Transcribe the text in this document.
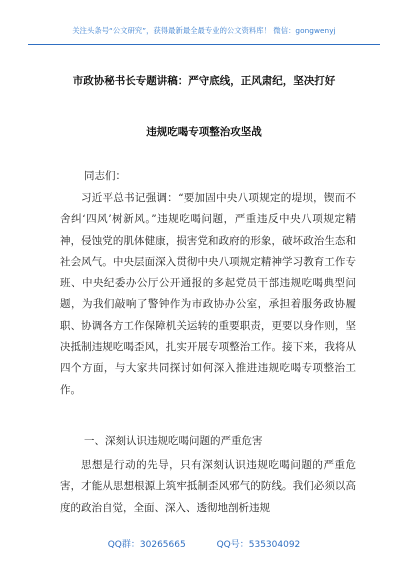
关注头条号“公文研究”，获得最新最全最专业的公文资料库！ 微信：gongwenyj
市政协秘书长专题讲稿：严守底线，正风肃纪，坚决打好
违规吃喝专项整治攻坚战
同志们：

习近平总书记强调：“要加固中央八项规定的堤坝，锲而不舍纠‘四风’树新风。”违规吃喝问题，严重违反中央八项规定精神，侵蚀党的肌体健康，损害党和政府的形象，破坏政治生态和社会风气。中央层面深入贯彻中央八项规定精神学习教育工作专班、中央纪委办公厅公开通报的多起党员干部违规吃喝典型问题，为我们敲响了警钟作为市政协办公室，承担着服务政协履职、协调各方工作保障机关运转的重要职责，更要以身作则，坚决抵制违规吃喝歪风，扎实开展专项整治工作。接下来，我将从四个方面，与大家共同探讨如何深入推进违规吃喝专项整治工作。

一、深刻认识违规吃喝问题的严重危害

思想是行动的先导，只有深刻认识违规吃喝问题的严重危害，才能从思想根源上筑牢抵制歪风邪气的防线。我们必须以高度的政治自觉，全面、深入、透彻地剖析违规

QQ群：30265665	QQ号：535304092
